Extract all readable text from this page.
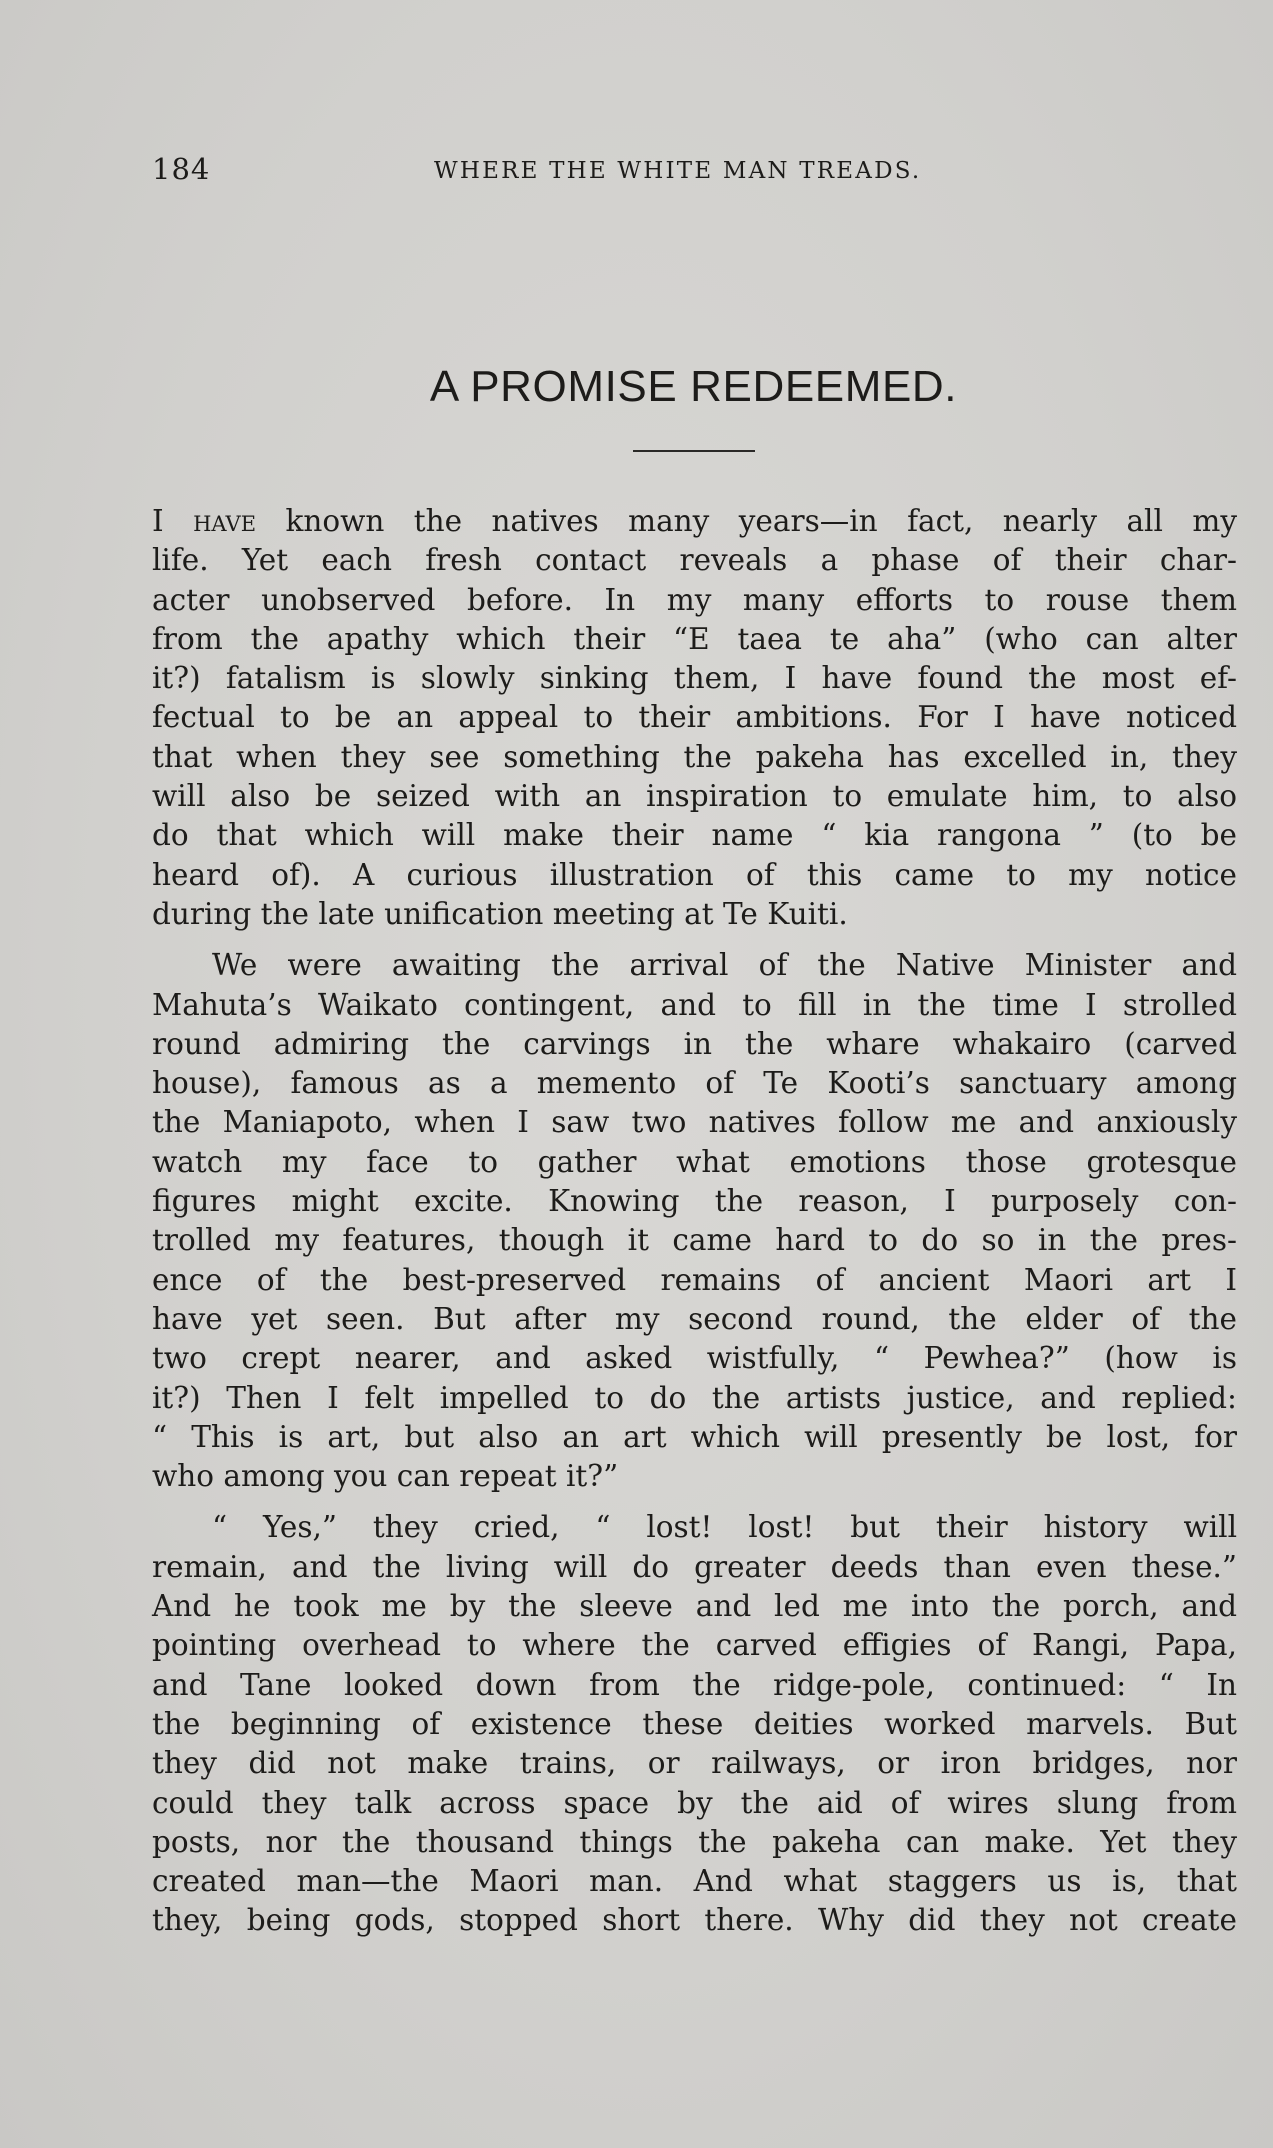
184	WHERE THE WHITE MAN TREADS.
A PROMISE REDEEMED.
I have known the natives many years—in fact, nearly all my
life. Yet each fresh contact reveals a phase of their char-
acter unobserved before. In my many efforts to rouse them
from the apathy which their “E taea te aha” (who can alter
it?) fatalism is slowly sinking them, I have found the most ef-
fectual to be an appeal to their ambitions. For I have noticed
that when they see something the pakeha has excelled in, they
will also be seized with an inspiration to emulate him, to also
do that which will make their name “ kia rangona ” (to be
heard of). A curious illustration of this came to my notice
during the late unification meeting at Te Kuiti.
We were awaiting the arrival of the Native Minister and
Mahuta’s Waikato contingent, and to fill in the time I strolled
round admiring the carvings in the whare whakairo (carved
house), famous as a memento of Te Kooti’s sanctuary among
the Maniapoto, when I saw two natives follow me and anxiously
watch my face to gather what emotions those grotesque
figures might excite. Knowing the reason, I purposely con-
trolled my features, though it came hard to do so in the pres-
ence of the best-preserved remains of ancient Maori art I
have yet seen. But after my second round, the elder of the
two crept nearer, and asked wistfully, “ Pewhea?” (how is
it?) Then I felt impelled to do the artists justice, and replied:
“ This is art, but also an art which will presently be lost, for
who among you can repeat it?”
“ Yes,” they cried, “ lost! lost! but their history will
remain, and the living will do greater deeds than even these.”
And he took me by the sleeve and led me into the porch, and
pointing overhead to where the carved effigies of Rangi, Papa,
and Tane looked down from the ridge-pole, continued: “ In
the beginning of existence these deities worked marvels. But
they did not make trains, or railways, or iron bridges, nor
could they talk across space by the aid of wires slung from
posts, nor the thousand things the pakeha can make. Yet they
created man—the Maori man. And what staggers us is, that
they, being gods, stopped short there. Why did they not create
